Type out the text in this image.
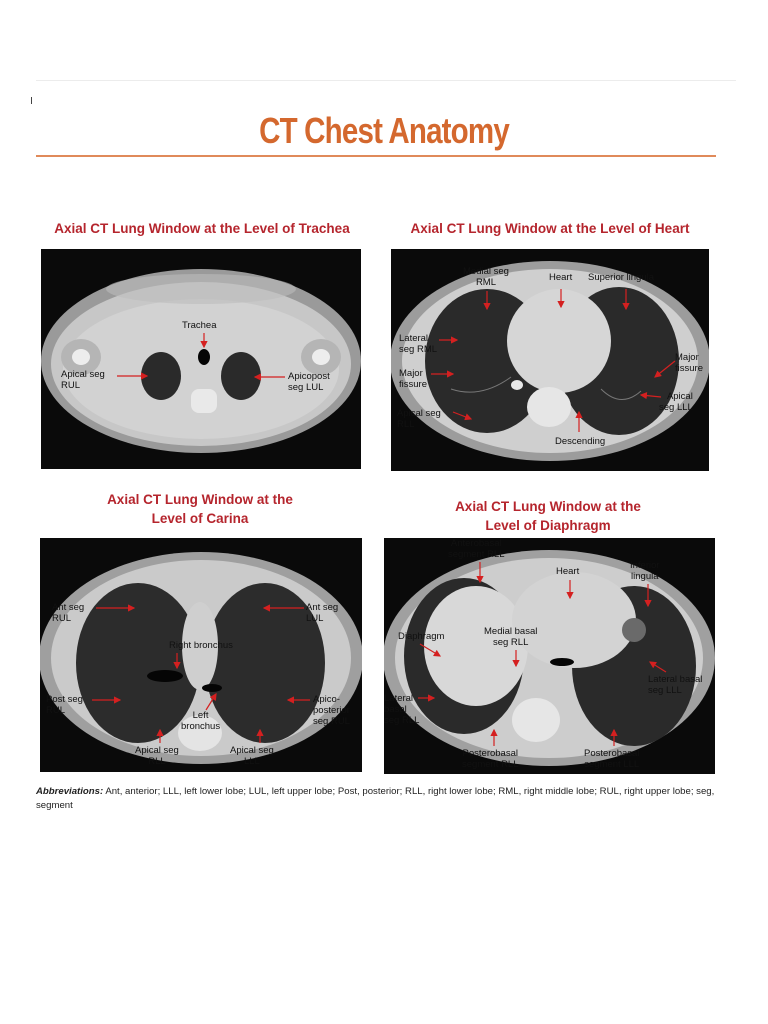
CT Chest Anatomy
Axial CT Lung Window at the Level of Trachea	Axial CT Lung Window at the Level of Heart
Axial CT Lung Window at the
Level of Carina
Axial CT Lung Window at the
Level of Diaphragm
Trachea
Apical seg
RUL
Apicopost
seg LUL
Medial seg
RML	Heart Superior lingula
Lateral
seg RML
Major
fissure
Major
fissure
Apical seg
RLL
Apical
seg LLL
Descending
Ant seg
RUL
Ant seg
LUL
Right bronchus
Post seg
RUL	Left
bronchus
Apico-
posterior
seg RUL
Apical seg
RLL
Apical seg
LLL
Anterobasal
segment RLL
Heart
Inferior
lingula
Diaphragm	Medial basal
seg RLL
Lateral basal
seg LLL
Lateral
basal
seg RLL
Posterobasal
segment RLL
Posterobasal
segment LLL
Abbreviations: Ant, anterior; LLL, left lower lobe; LUL, left upper lobe; Post, posterior; RLL, right lower lobe; RML, right middle lobe; RUL, right upper lobe; seg, segment
